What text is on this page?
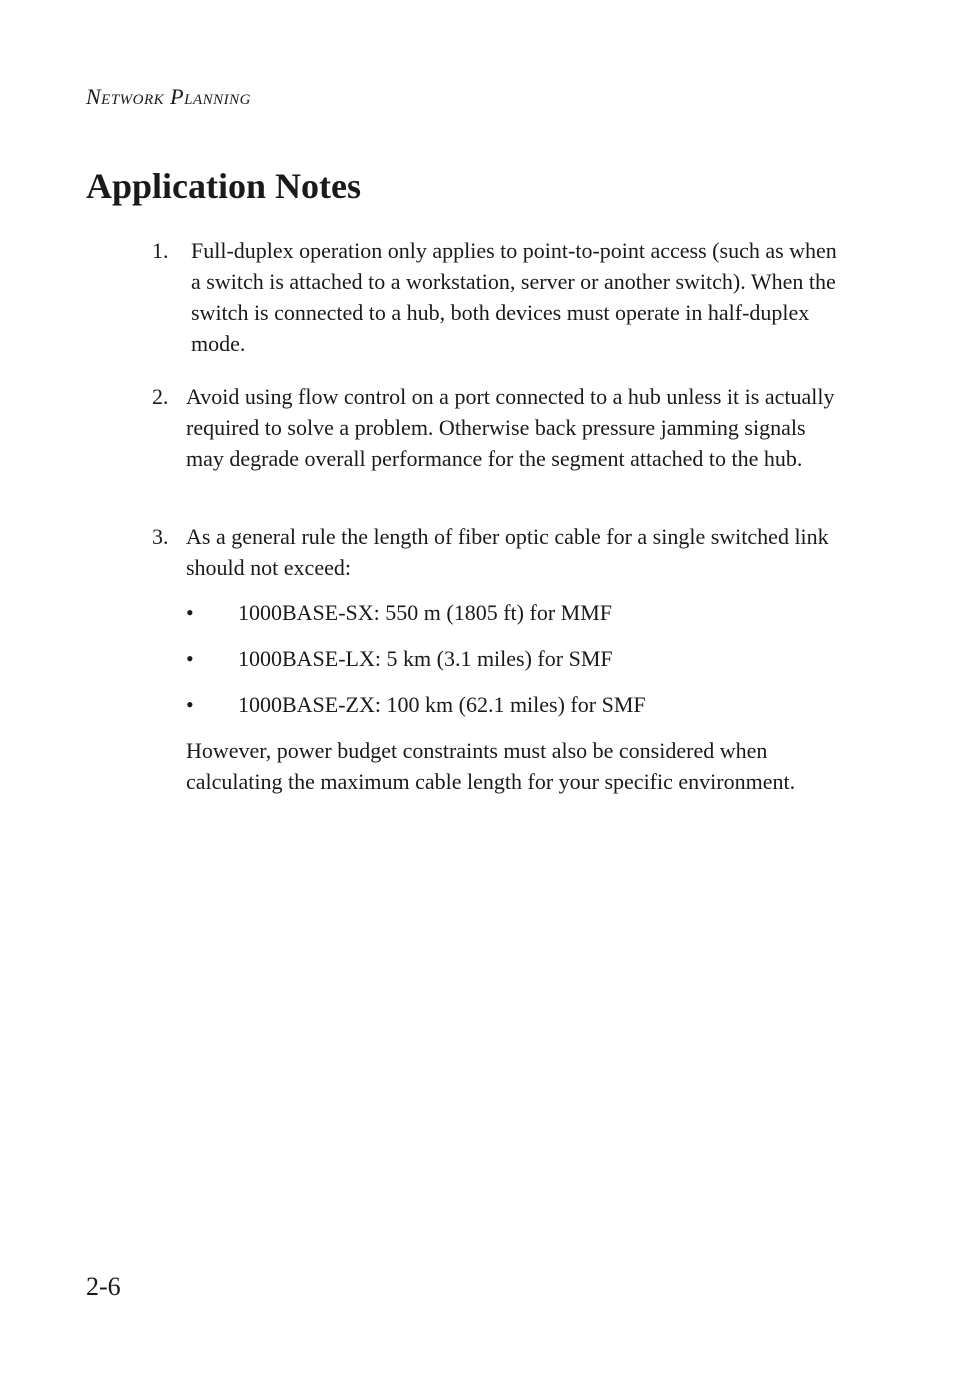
Network Planning
Application Notes
1. Full-duplex operation only applies to point-to-point access (such as when a switch is attached to a workstation, server or another switch). When the switch is connected to a hub, both devices must operate in half-duplex mode.
2. Avoid using flow control on a port connected to a hub unless it is actually required to solve a problem. Otherwise back pressure jamming signals may degrade overall performance for the segment attached to the hub.
3. As a general rule the length of fiber optic cable for a single switched link should not exceed:
• 1000BASE-SX: 550 m (1805 ft) for MMF
• 1000BASE-LX: 5 km (3.1 miles) for SMF
• 1000BASE-ZX: 100 km (62.1 miles) for SMF
However, power budget constraints must also be considered when calculating the maximum cable length for your specific environment.
2-6
